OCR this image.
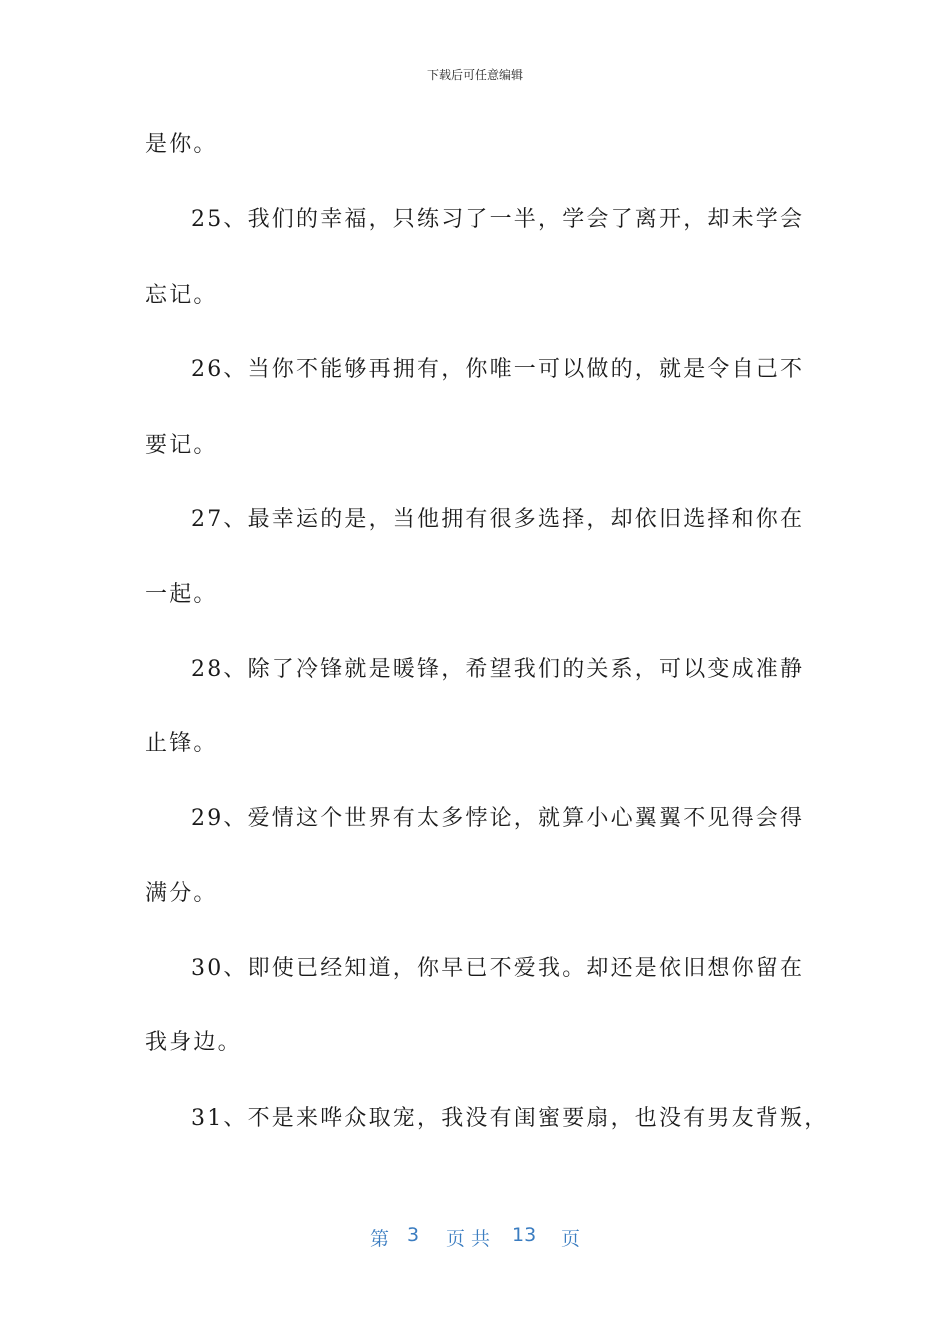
下载后可任意编辑
是你。
25、我们的幸福，只练习了一半，学会了离开，却未学会
忘记。
26、当你不能够再拥有，你唯一可以做的，就是令自己不
要记。
27、最幸运的是，当他拥有很多选择，却依旧选择和你在
一起。
28、除了冷锋就是暖锋，希望我们的关系，可以变成准静
止锋。
29、爱情这个世界有太多悖论，就算小心翼翼不见得会得
满分。
30、即使已经知道，你早已不爱我。却还是依旧想你留在
我身边。
31、不是来哗众取宠，我没有闺蜜要扇，也没有男友背叛，
第 3 页 共 13 页
